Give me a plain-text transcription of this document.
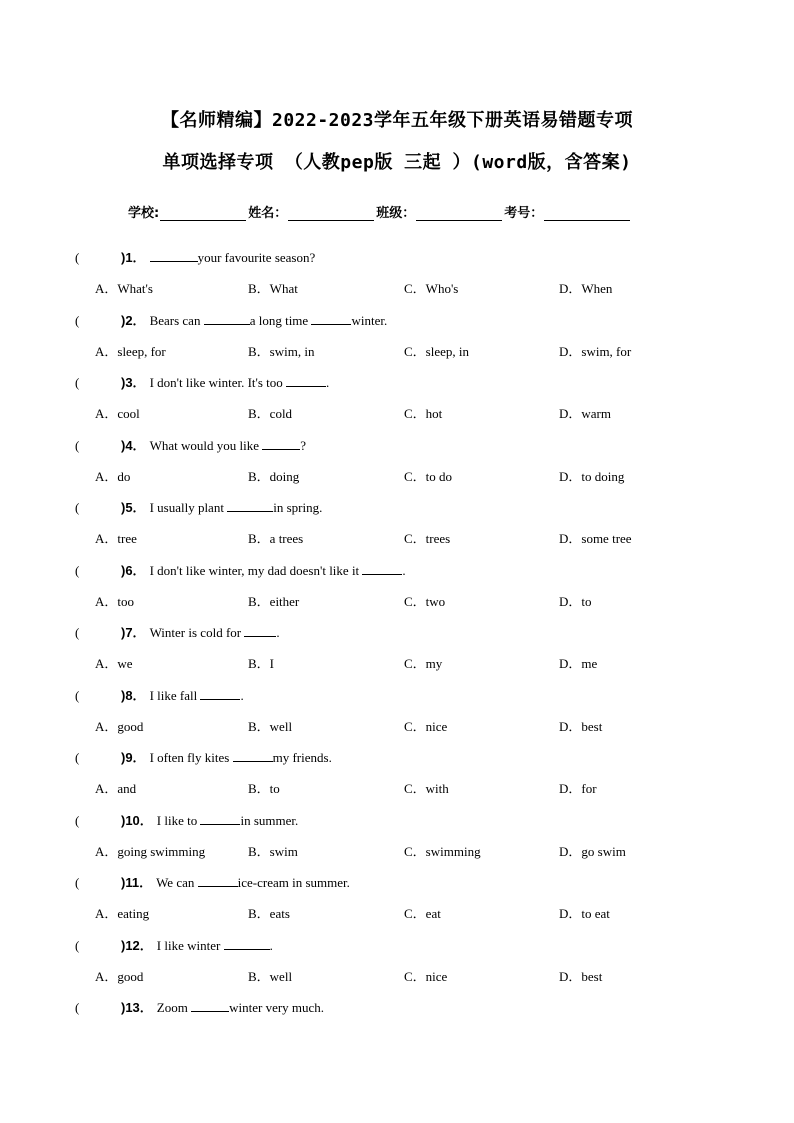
【名师精编】2022-2023学年五年级下册英语易错题专项
单项选择专项 （人教pep版 三起 ）(word版，含答案)
学校:	姓名：	班级：	考号：
(	)1．	your favourite season?
A．What's	B．What	C．Who's	D．When
(	)2． Bears can	a long time	winter.
A．sleep, for	B．swim, in	C．sleep, in	D．swim, for
(	)3． I don't like winter. It's too	.
A．cool	B．cold	C．hot	D．warm
(	)4． What would you like	?
A．do	B．doing	C．to do	D．to doing
(	)5． I usually plant	in spring.
A．tree	B．a trees	C．trees	D．some tree
(	)6． I don't like winter, my dad doesn't like it	.
A．too	B．either	C．two	D．to
(	)7． Winter is cold for .
A．we	B．I	C．my	D．me
(	)8． I like fall	.
A．good	B．well	C．nice	D．best
(	)9． I often fly kites	my friends.
A．and	B．to	C．with	D．for
(	)10． I like to	in summer.
A．going swimming	B．swim	C．swimming	D．go swim
(	)11． We can	ice-cream in summer.
A．eating	B．eats	C．eat	D．to eat
(	)12． I like winter	.
A．good	B．well	C．nice	D．best
(	)13． Zoom	winter very much.
